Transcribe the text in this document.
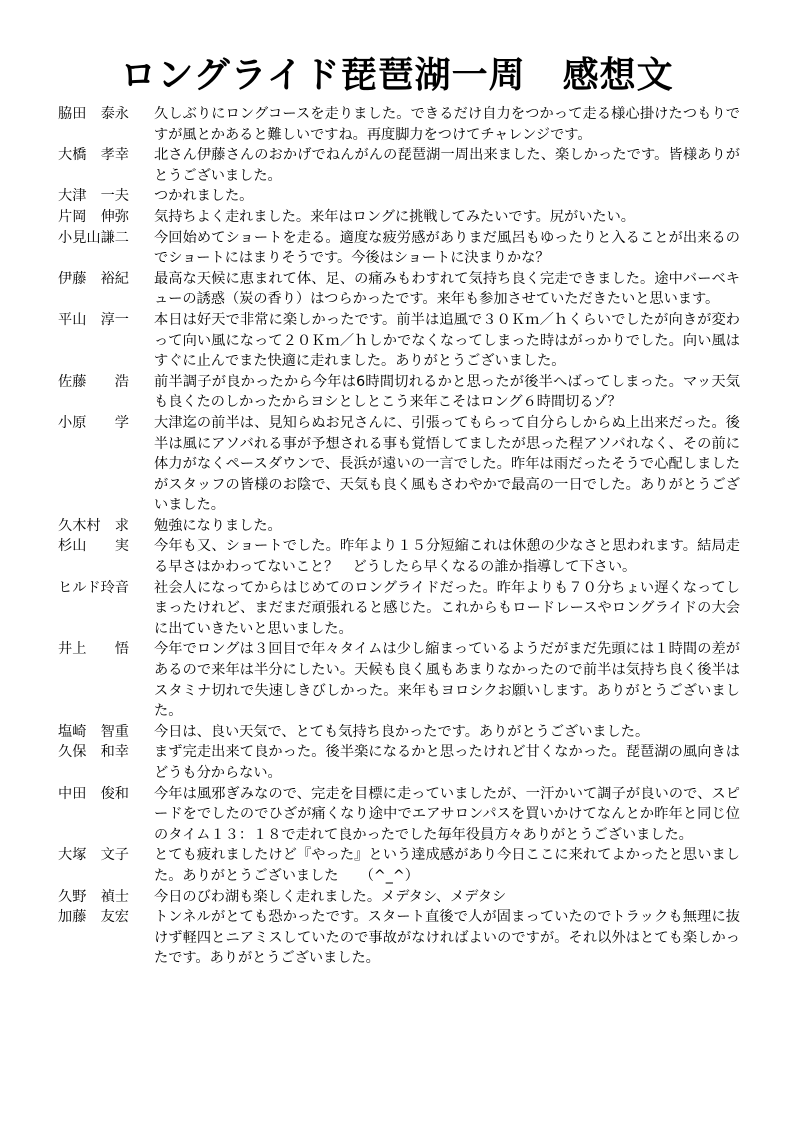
ロングライド琵琶湖一周　感想文
脇田　泰永	久しぶりにロングコースを走りました。できるだけ自力をつかって走る様心掛けたつもりですが風とかあると難しいですね。再度脚力をつけてチャレンジです。
大橋　孝幸	北さん伊藤さんのおかげでねんがんの琵琶湖一周出来ました、楽しかったです。皆様ありがとうございました。
大津　一夫	つかれました。
片岡　伸弥	気持ちよく走れました。来年はロングに挑戦してみたいです。尻がいたい。
小見山謙二	今回始めてショートを走る。適度な疲労感がありまだ風呂もゆったりと入ることが出来るのでショートにはまりそうです。今後はショートに決まりかな？
伊藤　裕紀	最高な天候に恵まれて体、足、の痛みもわすれて気持ち良く完走できました。途中バーベキューの誘惑（炭の香り）はつらかったです。来年も参加させていただきたいと思います。
平山　淳一	本日は好天で非常に楽しかったです。前半は追風で３０Ｋｍ／ｈくらいでしたが向きが変わって向い風になって２０Ｋｍ／ｈしかでなくなってしまった時はがっかりでした。向い風はすぐに止んでまた快適に走れました。ありがとうございました。
佐藤　　浩	前半調子が良かったから今年は6時間切れるかと思ったが後半へばってしまった。マッ天気も良くたのしかったからヨシとしとこう来年こそはロング６時間切るゾ？
小原　　学	大津迄の前半は、見知らぬお兄さんに、引張ってもらって自分らしからぬ上出来だった。後半は風にアソバれる事が予想される事も覚悟してましたが思った程アソバれなく、その前に体力がなくペースダウンで、長浜が遠いの一言でした。昨年は雨だったそうで心配しましたがスタッフの皆様のお陰で、天気も良く風もさわやかで最高の一日でした。ありがとうございました。
久木村　求	勉強になりました。
杉山　　実	今年も又、ショートでした。昨年より１５分短縮これは休憩の少なさと思われます。結局走る早さはかわってないこと？　どうしたら早くなるの誰か指導して下さい。
ヒルド玲音	社会人になってからはじめてのロングライドだった。昨年よりも７０分ちょい遅くなってしまったけれど、まだまだ頑張れると感じた。これからもロードレースやロングライドの大会に出ていきたいと思いました。
井上　　悟	今年でロングは３回目で年々タイムは少し縮まっているようだがまだ先頭には１時間の差があるので来年は半分にしたい。天候も良く風もあまりなかったので前半は気持ち良く後半はスタミナ切れで失速しきびしかった。来年もヨロシクお願いします。ありがとうございました。
塩崎　智重	今日は、良い天気で、とても気持ち良かったです。ありがとうございました。
久保　和幸	まず完走出来て良かった。後半楽になるかと思ったけれど甘くなかった。琵琶湖の風向きはどうも分からない。
中田　俊和	今年は風邪ぎみなので、完走を目標に走っていましたが、一汗かいて調子が良いので、スピードをでしたのでひざが痛くなり途中でエアサロンパスを買いかけてなんとか昨年と同じ位のタイム１３：１８で走れて良かったでした毎年役員方々ありがとうございました。
大塚　文子	とても疲れましたけど『やった』という達成感があり今日ここに来れてよかったと思いました。ありがとうございました　　（^_^）
久野　禎士	今日のびわ湖も楽しく走れました。メデタシ、メデタシ
加藤　友宏	トンネルがとても恐かったです。スタート直後で人が固まっていたのでトラックも無理に抜けず軽四とニアミスしていたので事故がなければよいのですが。それ以外はとても楽しかったです。ありがとうございました。
